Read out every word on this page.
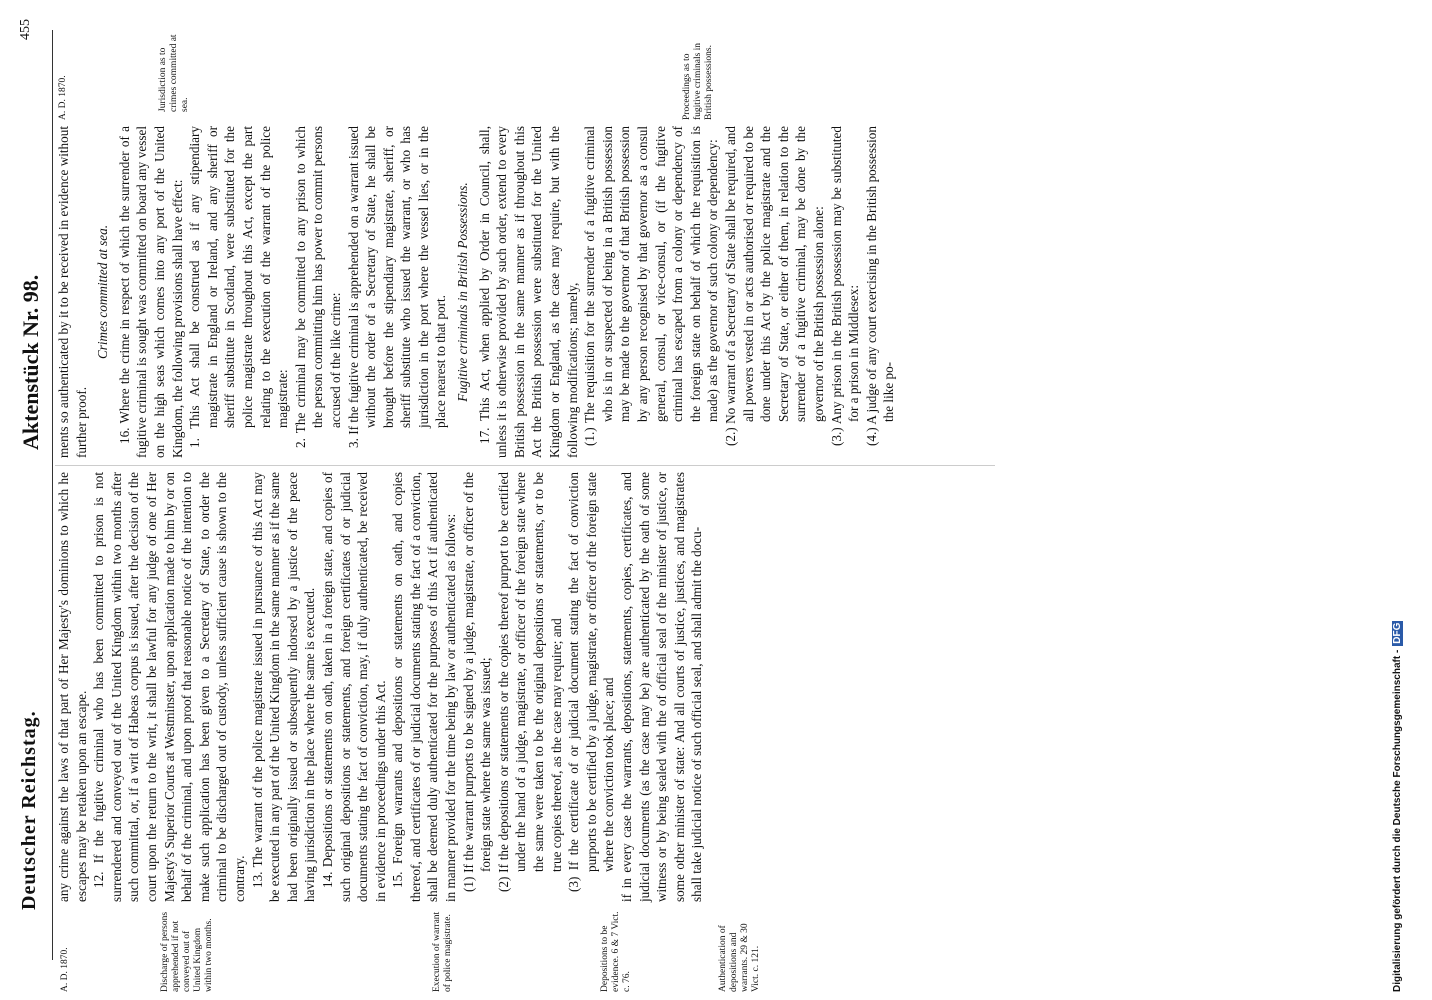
Deutscher Reichstag.
Aktenstück Nr. 98.
455
A. D. 1870.	Discharge of persons apprehended if not conveyed out of United Kingdom within two months.	Execution of warrant of police magistrate.	Depositions to be evidence. 6 & 7 Vict. c. 76.	Authentication of depositions and warrants. 29 & 30 Vict. c. 121.
A. D. 1870.	Jurisdiction as to crimes committed at sea.	Proceedings as to fugitive criminals in British possessions.

any crime against the laws of that part of Her Majesty's dominions to which he escapes may be retaken upon an escape. 12. If the fugitive criminal who has been committed to prison is not surrendered and conveyed out of the United Kingdom within two months after such committal, or, if a writ of Habeas corpus is issued, after the decision of the court upon the return to the writ, it shall be lawful for any judge of one of Her Majesty's Superior Courts at Westminster, upon application made to him by or on behalf of the criminal, and upon proof that reasonable notice of the intention to make such application has been given to a Secretary of State, to order the criminal to be discharged out of custody, unless sufficient cause is shown to the contrary. 13. The warrant of the police magistrate issued in pursuance of this Act may be executed in any part of the United Kingdom in the same manner as if the same had been originally issued or subsequently indorsed by a justice of the peace having jurisdiction in the place where the same is executed. 14. Depositions or statements on oath, taken in a foreign state, and copies of such original depositions or statements, and foreign certificates of or judicial documents stating the fact of conviction, may, if duly authenticated, be received in evidence in proceedings under this Act. 15. Foreign warrants and depositions or statements on oath, and copies thereof, and certificates of or judicial documents stating the fact of a conviction, shall be deemed duly authenticated for the purposes of this Act if authenticated in manner provided for the time being by law or authenticated as follows: (1) If the warrant purports to be signed by a judge, magistrate, or officer of the foreign state where the same was issued; (2) If the depositions or statements or the copies thereof purport to be certified under the hand of a judge, magistrate, or officer of the foreign state where the same were taken to be the original depositions or statements, or to be true copies thereof, as the case may require; and (3) If the certificate of or judicial document stating the fact of conviction purports to be certified by a judge, magistrate, or officer of the foreign state where the conviction took place; and if in every case the warrants, depositions, statements, copies, certificates, and judicial documents (as the case may be) are authenticated by the oath of some witness or by being sealed with the of official seal of the minister of justice, or some other minister of state: And all courts of justice, justices, and magistrates shall take judicial notice of such official seal, and shall admit the docu-

ments so authenticated by it to be received in evidence without further proof.

Crimes committed at sea. 16. Where the crime in respect of which the surrender of a fugitive criminal is sought was committed on board any vessel on the high seas which comes into any port of the United Kingdom, the following provisions shall have effect: 1. This Act shall be construed as if any stipendiary magistrate in England or Ireland, and any sheriff or sheriff substitute in Scotland, were substituted for the police magistrate throughout this Act, except the part relating to the execution of the warrant of the police magistrate: 2. The criminal may be committed to any prison to which the person committing him has power to commit persons accused of the like crime: 3. If the fugitive criminal is apprehended on a warrant issued without the order of a Secretary of State, he shall be brought before the stipendiary magistrate, sheriff, or sheriff substitute who issued the warrant, or who has jurisdiction in the port where the vessel lies, or in the place nearest to that port. Fugitive criminals in British Possessions. 17. This Act, when applied by Order in Council, shall, unless it is otherwise provided by such order, extend to every British possession in the same manner as if throughout this Act the British possession were substituted for the United Kingdom or England, as the case may require, but with the following modifications; namely, (1.) The requisition for the surrender of a fugitive criminal who is in or suspected of being in a British possession may be made to the governor of that British possession by any person recognised by that governor as a consul general, consul, or vice-consul, or (if the fugitive criminal has escaped from a colony or dependency of the foreign state on behalf of which the requisition is made) as the governor of such colony or dependency: (2.) No warrant of a Secretary of State shall be required, and all powers vested in or acts authorised or required to be done under this Act by the police magistrate and the Secretary of State, or either of them, in relation to the surrender of a fugitive criminal, may be done by the governor of the British possession alone: (3.) Any prison in the British possession may be substituted for a prison in Middlesex: (4.) A judge of any court exercising in the British possession the like po-

Digitalisierung gefördert durch die Deutsche Forschungsgemeinschaft -DFG
